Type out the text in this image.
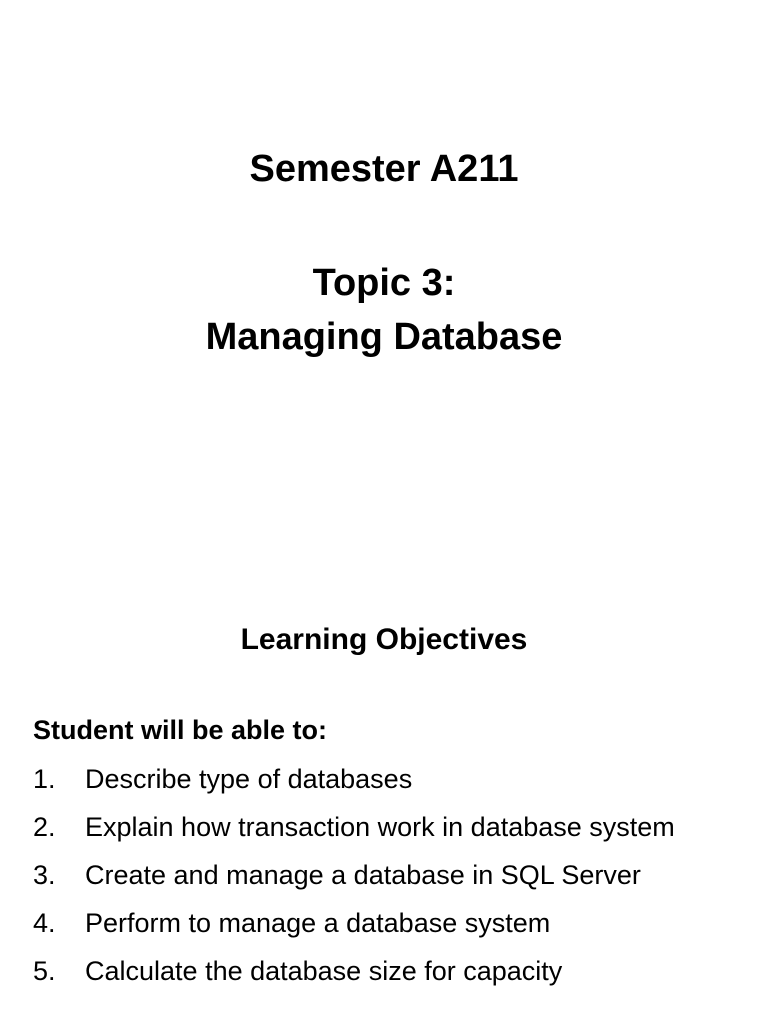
Semester A211
Topic 3:
Managing Database
Learning Objectives
Student will be able to:
1.	Describe type of databases
2.	Explain how transaction work in database system
3.	Create and manage a database in SQL Server
4.	Perform to manage a database system
5.	Calculate the database size for capacity
